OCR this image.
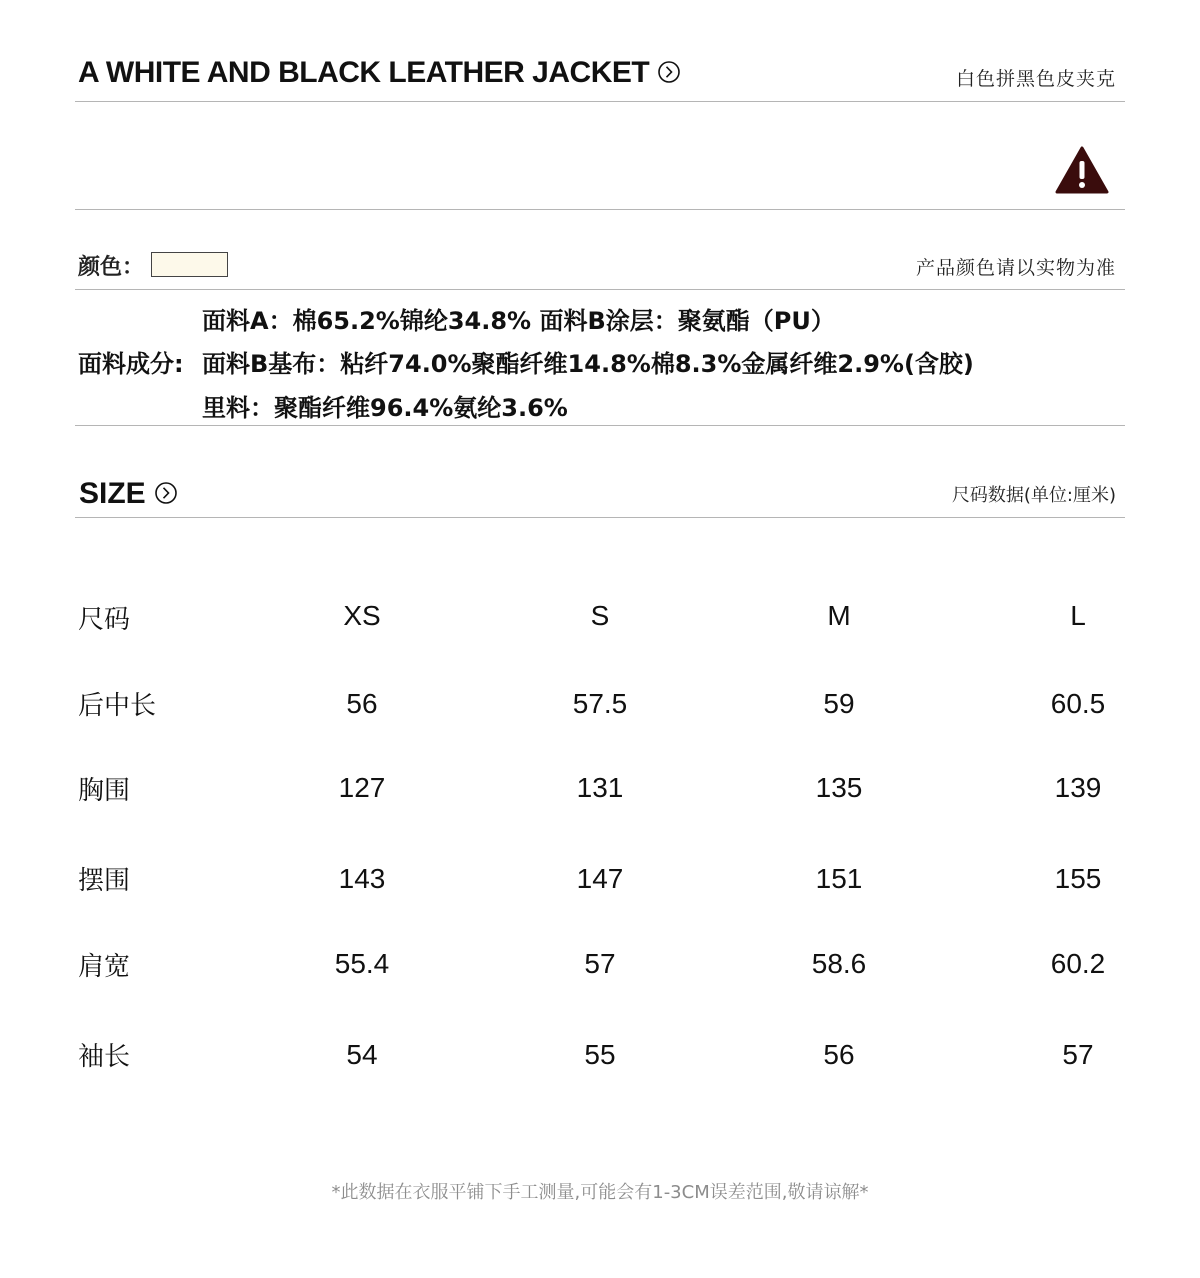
A WHITE AND BLACK LEATHER JACKET	白色拼黑色皮夹克
颜色：	产品颜色请以实物为准
面料A：棉65.2%锦纶34.8% 面料B涂层：聚氨酯（PU）
面料成分: 面料B基布：粘纤74.0%聚酯纤维14.8%棉8.3%金属纤维2.9%(含胶)
里料：聚酯纤维96.4%氨纶3.6%
SIZE	尺码数据(单位:厘米)
尺码	XS	S	M	L
后中长	56	57.5	59	60.5
胸围	127	131	135	139
摆围	143	147	151	155
肩宽	55.4	57	58.6	60.2
袖长	54	55	56	57
*此数据在衣服平铺下手工测量,可能会有1-3CM误差范围,敬请谅解*
